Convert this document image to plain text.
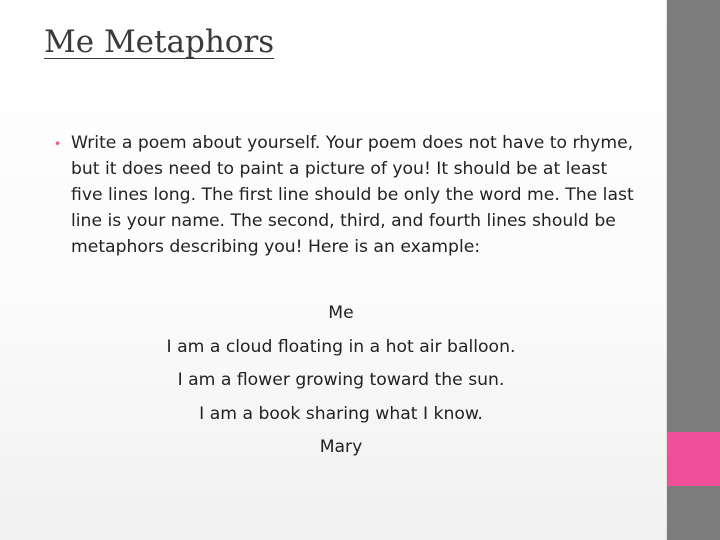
Me Metaphors
• Write a poem about yourself. Your poem does not have to rhyme, but it does need to paint a picture of you! It should be at least five lines long. The first line should be only the word me. The last line is your name. The second, third, and fourth lines should be metaphors describing you! Here is an example:

Me
I am a cloud floating in a hot air balloon.
I am a flower growing toward the sun.
I am a book sharing what I know.
Mary
